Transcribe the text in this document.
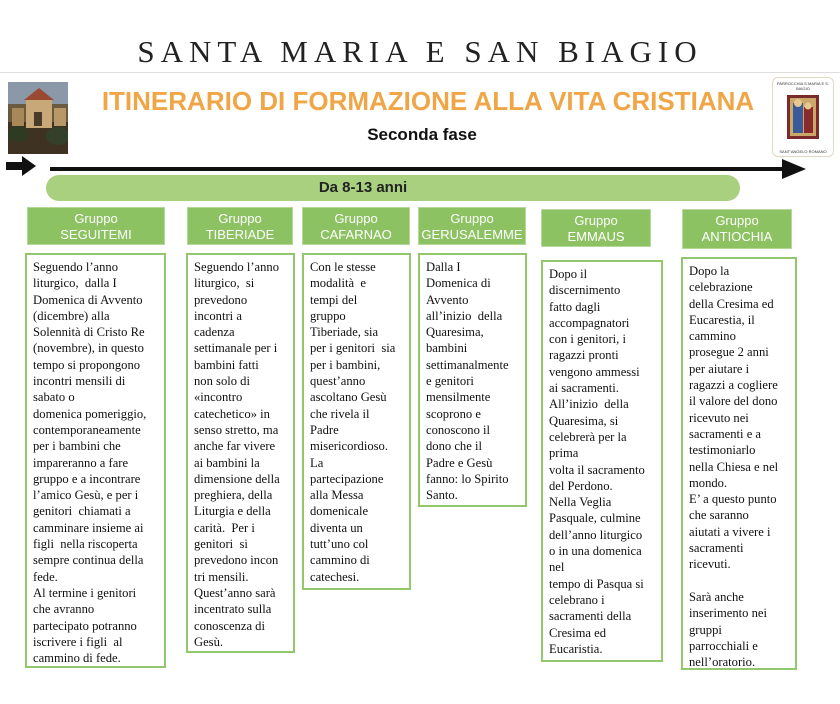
SANTA MARIA E SAN BIAGIO
PARROCCHIA S.MARIA E S. BIAGIO
SANT'ANGELO ROMANO
ITINERARIO DI FORMAZIONE ALLA VITA CRISTIANA
Seconda fase
Da 8-13 anni
Gruppo
SEGUITEMI
Gruppo
TIBERIADE
Gruppo
CAFARNAO
Gruppo
GERUSALEMME
Gruppo
EMMAUS
Gruppo
ANTIOCHIA
Seguendo l’anno
liturgico,  dalla I
Domenica di Avvento
(dicembre) alla
Solennità di Cristo Re
(novembre), in questo
tempo si propongono
incontri mensili di
sabato o
domenica pomeriggio,
contemporaneamente
per i bambini che
impareranno a fare
gruppo e a incontrare
l’amico Gesù, e per i
genitori  chiamati a
camminare insieme ai
figli  nella riscoperta
sempre continua della
fede.
Al termine i genitori
che avranno
partecipato potranno
iscrivere i figli  al
cammino di fede.
Seguendo l’anno
liturgico,  si
prevedono
incontri a
cadenza
settimanale per i
bambini fatti
non solo di
«incontro
catechetico» in
senso stretto, ma
anche far vivere
ai bambini la
dimensione della
preghiera, della
Liturgia e della
carità.  Per i
genitori  si
prevedono incon
tri mensili.
Quest’anno sarà
incentrato sulla
conoscenza di
Gesù.
Con le stesse
modalità  e
tempi del
gruppo
Tiberiade, sia
per i genitori  sia
per i bambini,
quest’anno
ascoltano Gesù
che rivela il
Padre
misericordioso.
La
partecipazione
alla Messa
domenicale
diventa un
tutt’uno col
cammino di
catechesi.
Dalla I
Domenica di
Avvento
all’inizio  della
Quaresima,
bambini
settimanalmente
e genitori
mensilmente
scoprono e
conoscono il
dono che il
Padre e Gesù
fanno: lo Spirito
Santo.
Dopo il
discernimento
fatto dagli
accompagnatori
con i genitori, i
ragazzi pronti
vengono ammessi
ai sacramenti.
All’inizio  della
Quaresima, si
celebrerà per la
prima
volta il sacramento
del Perdono.
Nella Veglia
Pasquale, culmine
dell’anno liturgico
o in una domenica
nel
tempo di Pasqua si
celebrano i
sacramenti della
Cresima ed
Eucaristia.
Dopo la
celebrazione
della Cresima ed
Eucarestia, il
cammino
prosegue 2 anni
per aiutare i
ragazzi a cogliere
il valore del dono
ricevuto nei
sacramenti e a
testimoniarlo
nella Chiesa e nel
mondo.
E’ a questo punto
che saranno
aiutati a vivere i
sacramenti
ricevuti.
Sarà anche
inserimento nei
gruppi
parrocchiali e
nell’oratorio.
